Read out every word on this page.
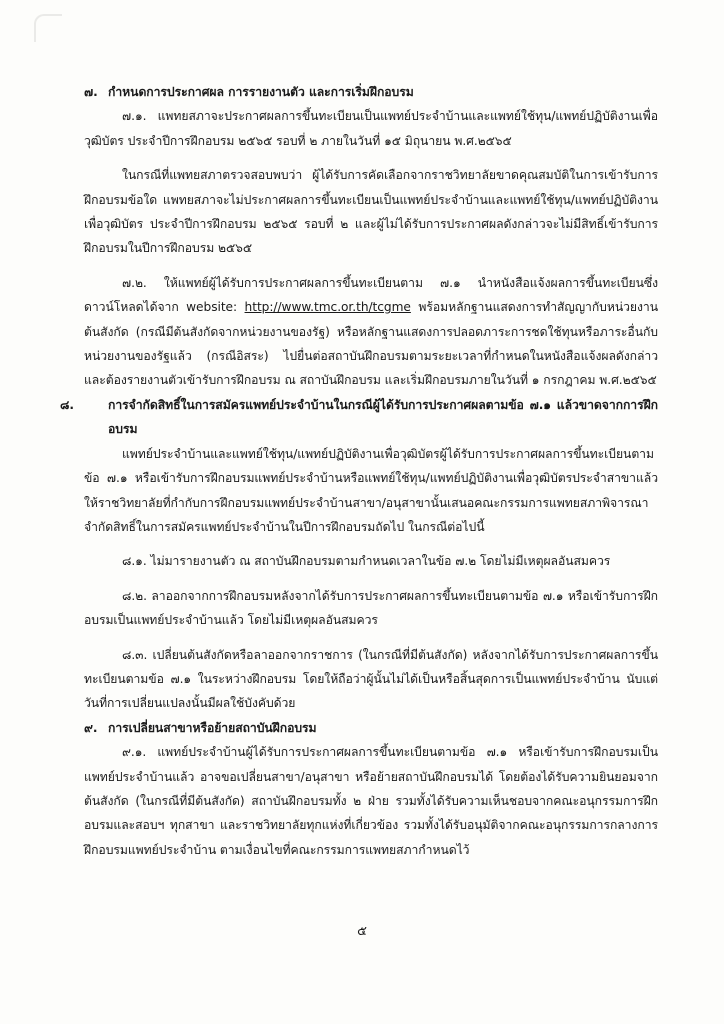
๗. กำหนดการประกาศผล การรายงานตัว และการเริ่มฝึกอบรม

๗.๑. แพทยสภาจะประกาศผลการขึ้นทะเบียนเป็นแพทย์ประจำบ้านและแพทย์ใช้ทุน/แพทย์ปฏิบัติงานเพื่อวุฒิบัตร ประจำปีการฝึกอบรม ๒๕๖๕ รอบที่ ๒ ภายในวันที่ ๑๕ มิถุนายน พ.ศ.๒๕๖๕

ในกรณีที่แพทยสภาตรวจสอบพบว่า ผู้ได้รับการคัดเลือกจากราชวิทยาลัยขาดคุณสมบัติในการเข้ารับการฝึกอบรมข้อใด แพทยสภาจะไม่ประกาศผลการขึ้นทะเบียนเป็นแพทย์ประจำบ้านและแพทย์ใช้ทุน/แพทย์ปฏิบัติงานเพื่อวุฒิบัตร ประจำปีการฝึกอบรม ๒๕๖๕ รอบที่ ๒ และผู้ไม่ได้รับการประกาศผลดังกล่าวจะไม่มีสิทธิ์เข้ารับการฝึกอบรมในปีการฝึกอบรม ๒๕๖๕

๗.๒. ให้แพทย์ผู้ได้รับการประกาศผลการขึ้นทะเบียนตาม ๗.๑ นำหนังสือแจ้งผลการขึ้นทะเบียนซึ่งดาวน์โหลดได้จาก website: http://www.tmc.or.th/tcgme พร้อมหลักฐานแสดงการทำสัญญากับหน่วยงานต้นสังกัด (กรณีมีต้นสังกัดจากหน่วยงานของรัฐ) หรือหลักฐานแสดงการปลอดภาระการชดใช้ทุนหรือภาระอื่นกับหน่วยงานของรัฐแล้ว (กรณีอิสระ) ไปยื่นต่อสถาบันฝึกอบรมตามระยะเวลาที่กำหนดในหนังสือแจ้งผลดังกล่าว และต้องรายงานตัวเข้ารับการฝึกอบรม ณ สถาบันฝึกอบรม และเริ่มฝึกอบรมภายในวันที่ ๑ กรกฎาคม พ.ศ.๒๕๖๕

๘.	การจำกัดสิทธิ์ในการสมัครแพทย์ประจำบ้านในกรณีผู้ได้รับการประกาศผลตามข้อ ๗.๑ แล้วขาดจากการฝึกอบรม

แพทย์ประจำบ้านและแพทย์ใช้ทุน/แพทย์ปฏิบัติงานเพื่อวุฒิบัตรผู้ได้รับการประกาศผลการขึ้นทะเบียนตามข้อ ๗.๑ หรือเข้ารับการฝึกอบรมแพทย์ประจำบ้านหรือแพทย์ใช้ทุน/แพทย์ปฏิบัติงานเพื่อวุฒิบัตรประจำสาขาแล้ว ให้ราชวิทยาลัยที่กำกับการฝึกอบรมแพทย์ประจำบ้านสาขา/อนุสาขานั้นเสนอคณะกรรมการแพทยสภาพิจารณาจำกัดสิทธิ์ในการสมัครแพทย์ประจำบ้านในปีการฝึกอบรมถัดไป ในกรณีต่อไปนี้

๘.๑. ไม่มารายงานตัว ณ สถาบันฝึกอบรมตามกำหนดเวลาในข้อ ๗.๒ โดยไม่มีเหตุผลอันสมควร

๘.๒. ลาออกจากการฝึกอบรมหลังจากได้รับการประกาศผลการขึ้นทะเบียนตามข้อ ๗.๑ หรือเข้ารับการฝึกอบรมเป็นแพทย์ประจำบ้านแล้ว โดยไม่มีเหตุผลอันสมควร

๘.๓. เปลี่ยนต้นสังกัดหรือลาออกจากราชการ (ในกรณีที่มีต้นสังกัด) หลังจากได้รับการประกาศผลการขึ้นทะเบียนตามข้อ ๗.๑ ในระหว่างฝึกอบรม โดยให้ถือว่าผู้นั้นไม่ได้เป็นหรือสิ้นสุดการเป็นแพทย์ประจำบ้าน นับแต่วันที่การเปลี่ยนแปลงนั้นมีผลใช้บังคับด้วย

๙. การเปลี่ยนสาขาหรือย้ายสถาบันฝึกอบรม

๙.๑. แพทย์ประจำบ้านผู้ได้รับการประกาศผลการขึ้นทะเบียนตามข้อ ๗.๑ หรือเข้ารับการฝึกอบรมเป็นแพทย์ประจำบ้านแล้ว อาจขอเปลี่ยนสาขา/อนุสาขา หรือย้ายสถาบันฝึกอบรมได้ โดยต้องได้รับความยินยอมจากต้นสังกัด (ในกรณีที่มีต้นสังกัด) สถาบันฝึกอบรมทั้ง ๒ ฝ่าย รวมทั้งได้รับความเห็นชอบจากคณะอนุกรรมการฝึกอบรมและสอบฯ ทุกสาขา และราชวิทยาลัยทุกแห่งที่เกี่ยวข้อง รวมทั้งได้รับอนุมัติจากคณะอนุกรรมการกลางการฝึกอบรมแพทย์ประจำบ้าน ตามเงื่อนไขที่คณะกรรมการแพทยสภากำหนดไว้

๕
